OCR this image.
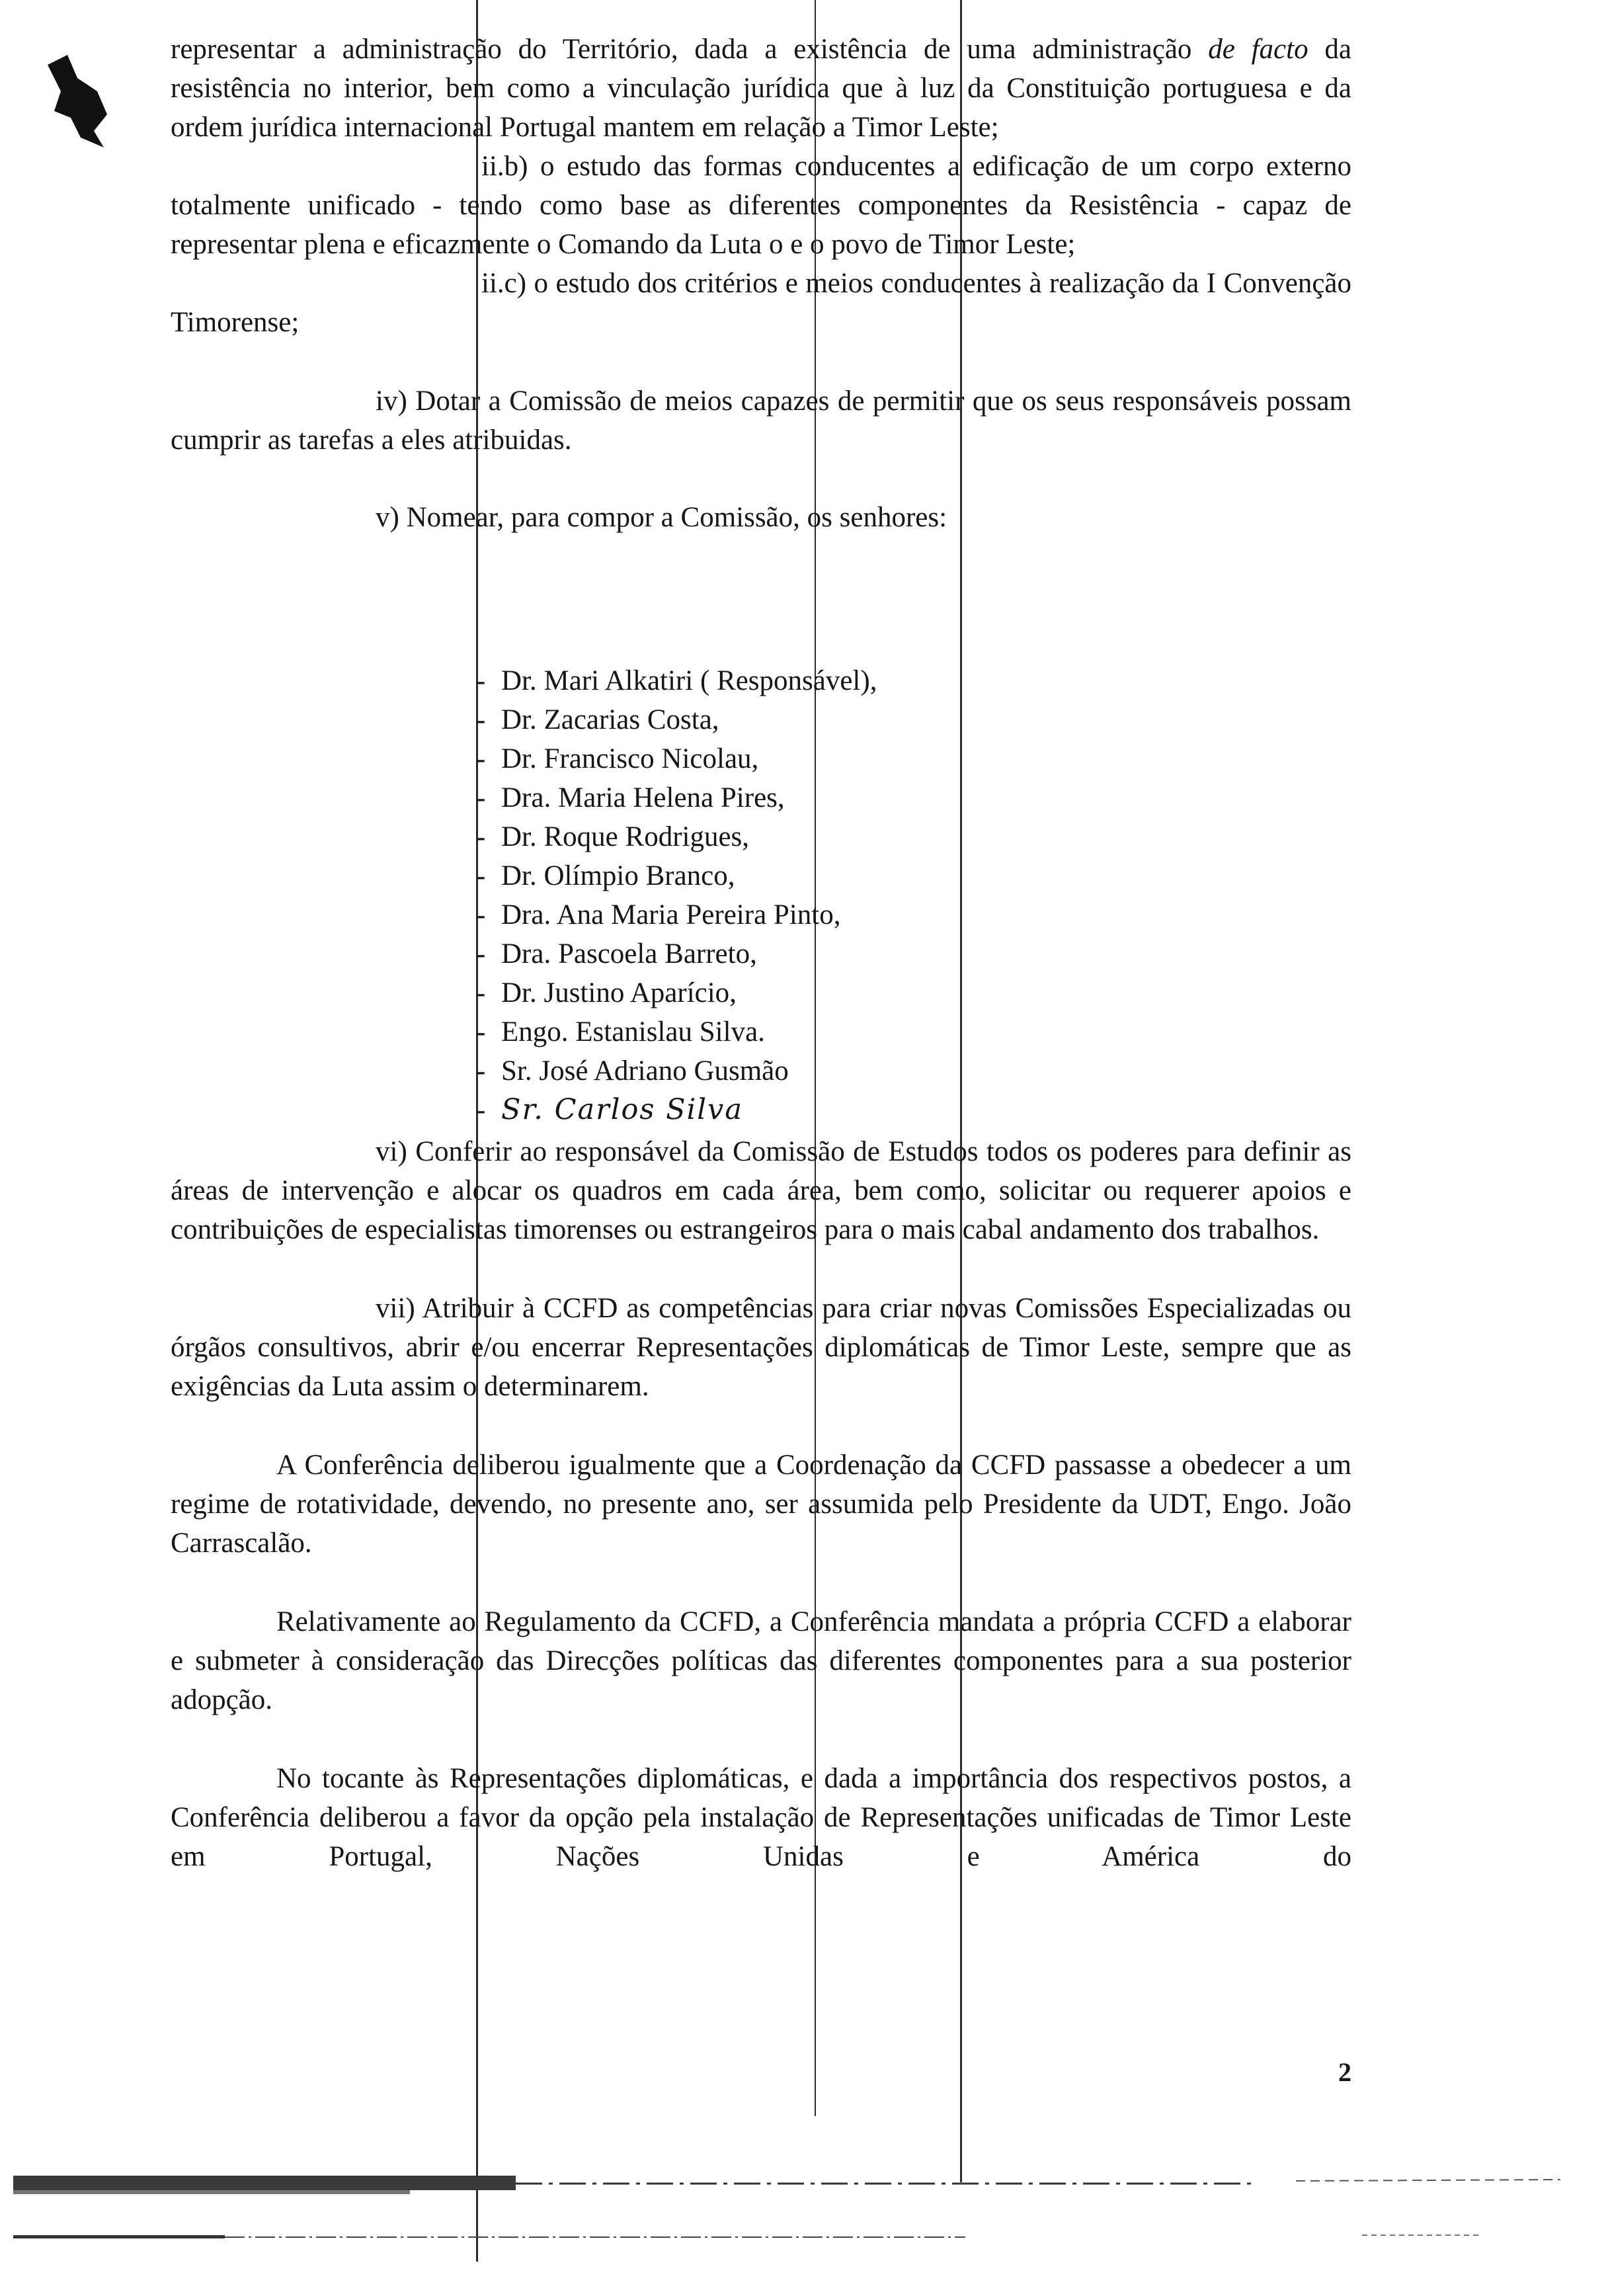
representar a administração do Território, dada a existência de uma administração de facto da resistência no interior, bem como a vinculação jurídica que à luz da Constituição portuguesa e da ordem jurídica internacional Portugal mantem em relação a Timor Leste;

ii.b) o estudo das formas conducentes a edificação de um corpo externo totalmente unificado - tendo como base as diferentes componentes da Resistência - capaz de representar plena e eficazmente o Comando da Luta o e o povo de Timor Leste;

ii.c) o estudo dos critérios e meios conducentes à realização da I Convenção Timorense;

iv) Dotar a Comissão de meios capazes de permitir que os seus responsáveis possam cumprir as tarefas a eles atribuidas.

v) Nomear, para compor a Comissão, os senhores:

- Dr. Mari Alkatiri ( Responsável),
- Dr. Zacarias Costa,
- Dr. Francisco Nicolau,
- Dra. Maria Helena Pires,
- Dr. Roque Rodrigues,
- Dr. Olímpio Branco,
- Dra. Ana Maria Pereira Pinto,
- Dra. Pascoela Barreto,
- Dr. Justino Aparício,
- Engo. Estanislau Silva.
- Sr. José Adriano Gusmão
- Sr. Carlos Silva

vi) Conferir ao responsável da Comissão de Estudos todos os poderes para definir as áreas de intervenção e alocar os quadros em cada área, bem como, solicitar ou requerer apoios e contribuições de especialistas timorenses ou estrangeiros para o mais cabal andamento dos trabalhos.

vii) Atribuir à CCFD as competências para criar novas Comissões Especializadas ou órgãos consultivos, abrir e/ou encerrar Representações diplomáticas de Timor Leste, sempre que as exigências da Luta assim o determinarem.

A Conferência deliberou igualmente que a Coordenação da CCFD passasse a obedecer a um regime de rotatividade, devendo, no presente ano, ser assumida pelo Presidente da UDT, Engo. João Carrascalão.

Relativamente ao Regulamento da CCFD, a Conferência mandata a própria CCFD a elaborar e submeter à consideração das Direcções políticas das diferentes componentes para a sua posterior adopção.

No tocante às Representações diplomáticas, e dada a importância dos respectivos postos, a Conferência deliberou a favor da opção pela instalação de Representações unificadas de Timor Leste em Portugal, Nações Unidas e América do

2
